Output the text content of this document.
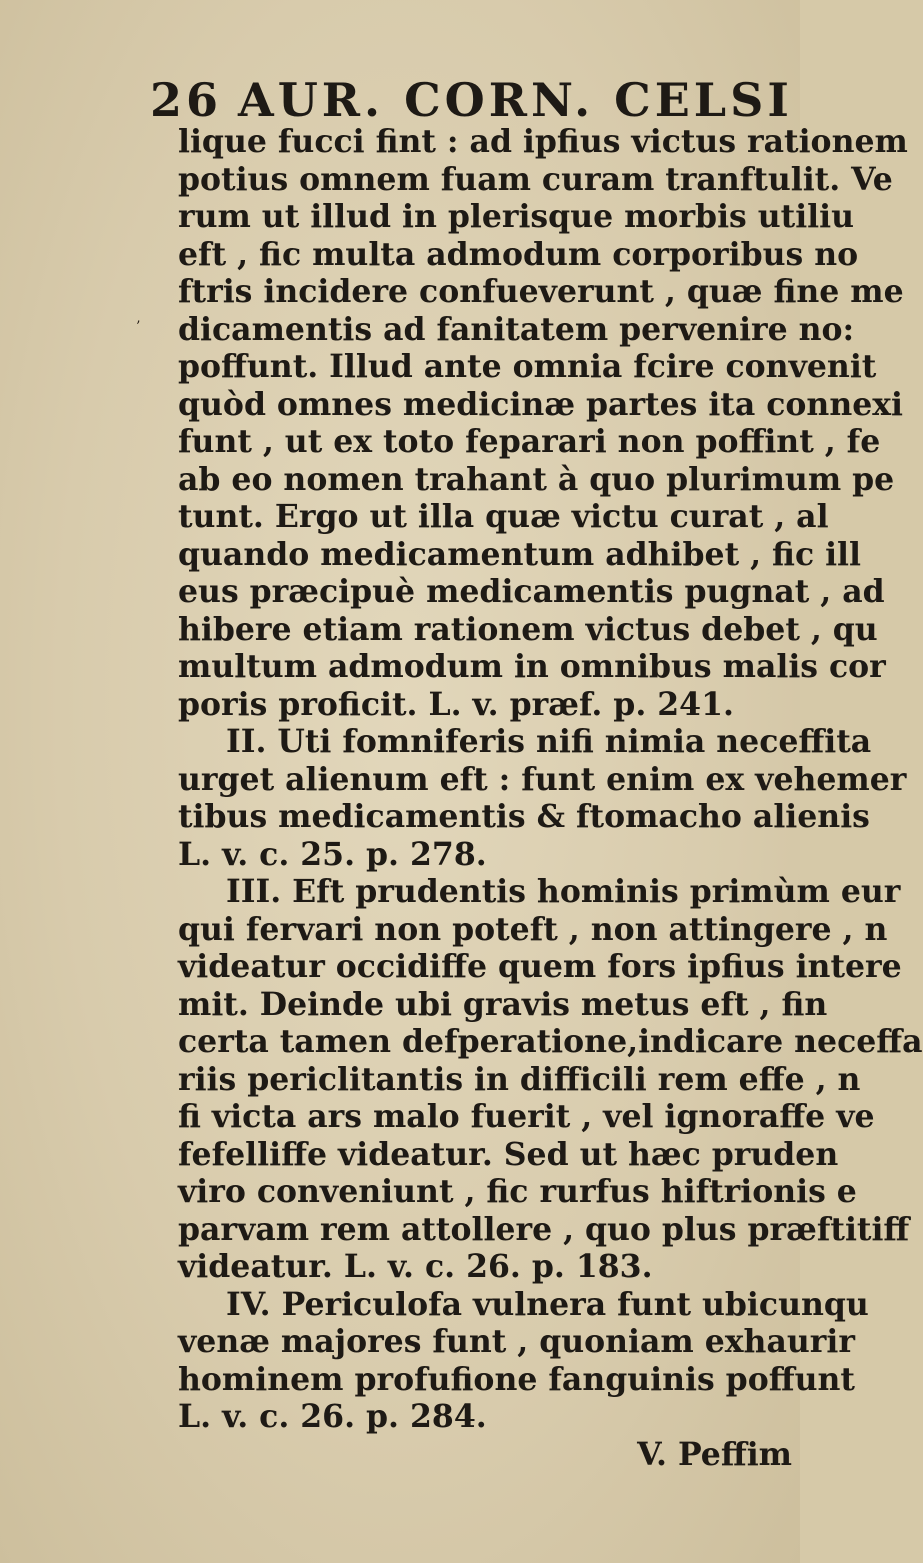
26 AUR. CORN. CELSI
’
lique fucci fint : ad ipfius victus rationem
potius omnem fuam curam tranftulit. Ve
rum ut illud in plerisque morbis utiliu
eft , fic multa admodum corporibus no
ftris incidere confueverunt , quæ fine me
dicamentis ad fanitatem pervenire no:
poffunt. Illud ante omnia fcire convenit
quòd omnes medicinæ partes ita connexi
funt , ut ex toto feparari non poffint , fe
ab eo nomen trahant à quo plurimum pe
tunt. Ergo ut illa quæ victu curat , al
quando medicamentum adhibet , fic ill
eus præcipuè medicamentis pugnat , ad
hibere etiam rationem victus debet , qu
multum admodum in omnibus malis cor
poris proficit. L. v. præf. p. 241.
II. Uti fomniferis nifi nimia neceffita
urget alienum eft : funt enim ex vehemer
tibus medicamentis & ftomacho alienis
L. v. c. 25. p. 278.
III. Eft prudentis hominis primùm eur
qui fervari non poteft , non attingere , n
videatur occidiffe quem fors ipfius intere
mit. Deinde ubi gravis metus eft , fin
certa tamen defperatione,indicare neceffa
riis periclitantis in difficili rem effe , n
fi victa ars malo fuerit , vel ignoraffe ve
fefelliffe videatur. Sed ut hæc pruden
viro conveniunt , fic rurfus hiftrionis e
parvam rem attollere , quo plus præftitiff
videatur. L. v. c. 26. p. 183.
IV. Periculofa vulnera funt ubicunqu
venæ majores funt , quoniam exhaurir
hominem profufione fanguinis poffunt
L. v. c. 26. p. 284.
V. Peffim
